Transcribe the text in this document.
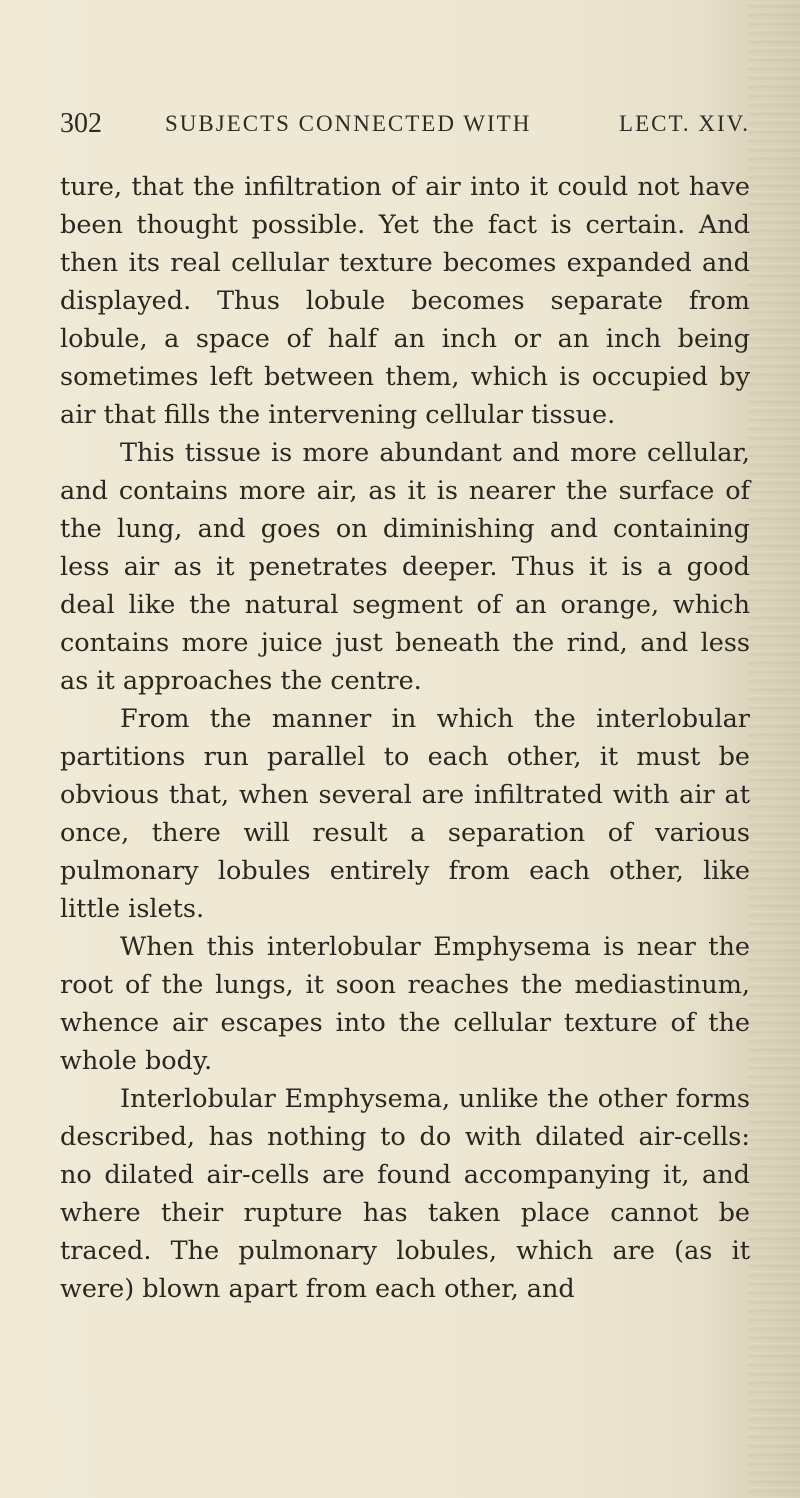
302	SUBJECTS CONNECTED WITH	LECT. XIV.

ture, that the infiltration of air into it could not have been thought possible. Yet the fact is certain. And then its real cellular texture becomes expanded and displayed. Thus lobule becomes separate from lobule, a space of half an inch or an inch being sometimes left between them, which is occupied by air that fills the intervening cellular tissue.

This tissue is more abundant and more cellular, and contains more air, as it is nearer the surface of the lung, and goes on diminishing and containing less air as it penetrates deeper. Thus it is a good deal like the natural segment of an orange, which contains more juice just beneath the rind, and less as it approaches the centre.

From the manner in which the interlobular partitions run parallel to each other, it must be obvious that, when several are infiltrated with air at once, there will result a separation of various pulmonary lobules entirely from each other, like little islets.

When this interlobular Emphysema is near the root of the lungs, it soon reaches the mediastinum, whence air escapes into the cellular texture of the whole body.

Interlobular Emphysema, unlike the other forms described, has nothing to do with dilated air-cells: no dilated air-cells are found accompanying it, and where their rupture has taken place cannot be traced. The pulmonary lobules, which are (as it were) blown apart from each other, and
